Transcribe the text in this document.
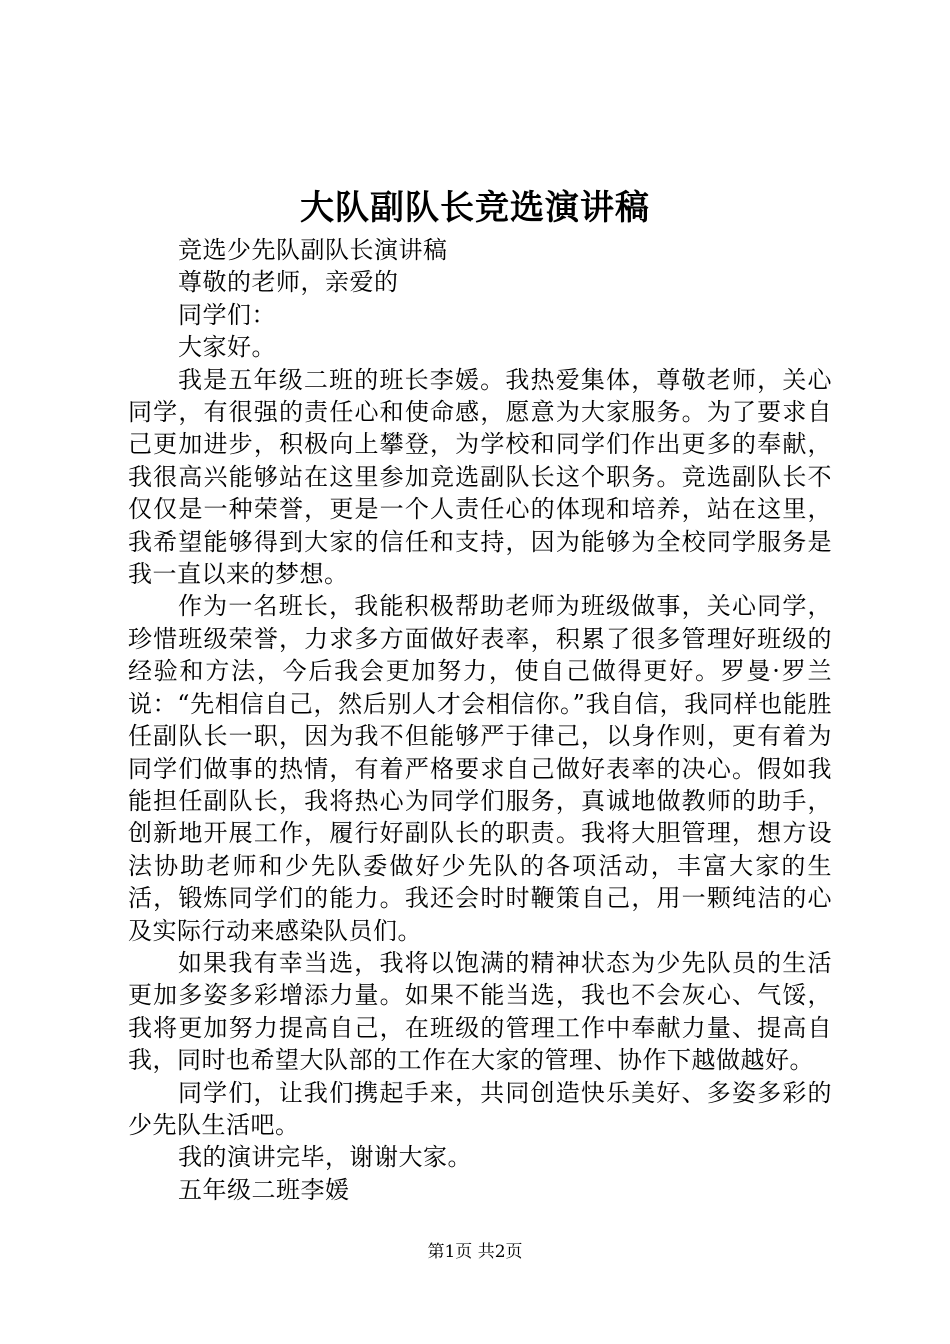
大队副队长竞选演讲稿

竞选少先队副队长演讲稿

尊敬的老师，亲爱的

同学们：

大家好。

我是五年级二班的班长李媛。我热爱集体，尊敬老师，关心同学，有很强的责任心和使命感，愿意为大家服务。为了要求自己更加进步，积极向上攀登，为学校和同学们作出更多的奉献，我很高兴能够站在这里参加竞选副队长这个职务。竞选副队长不仅仅是一种荣誉，更是一个人责任心的体现和培养，站在这里，我希望能够得到大家的信任和支持，因为能够为全校同学服务是我一直以来的梦想。

作为一名班长，我能积极帮助老师为班级做事，关心同学，珍惜班级荣誉，力求多方面做好表率，积累了很多管理好班级的经验和方法，今后我会更加努力，使自己做得更好。罗曼·罗兰说：“先相信自己，然后别人才会相信你。”我自信，我同样也能胜任副队长一职，因为我不但能够严于律己，以身作则，更有着为同学们做事的热情，有着严格要求自己做好表率的决心。假如我能担任副队长，我将热心为同学们服务，真诚地做教师的助手，创新地开展工作，履行好副队长的职责。我将大胆管理，想方设法协助老师和少先队委做好少先队的各项活动，丰富大家的生活，锻炼同学们的能力。我还会时时鞭策自己，用一颗纯洁的心及实际行动来感染队员们。

如果我有幸当选，我将以饱满的精神状态为少先队员的生活更加多姿多彩增添力量。如果不能当选，我也不会灰心、气馁，我将更加努力提高自己，在班级的管理工作中奉献力量、提高自我，同时也希望大队部的工作在大家的管理、协作下越做越好。

同学们，让我们携起手来，共同创造快乐美好、多姿多彩的少先队生活吧。

我的演讲完毕，谢谢大家。

五年级二班李媛

第1页 共2页
